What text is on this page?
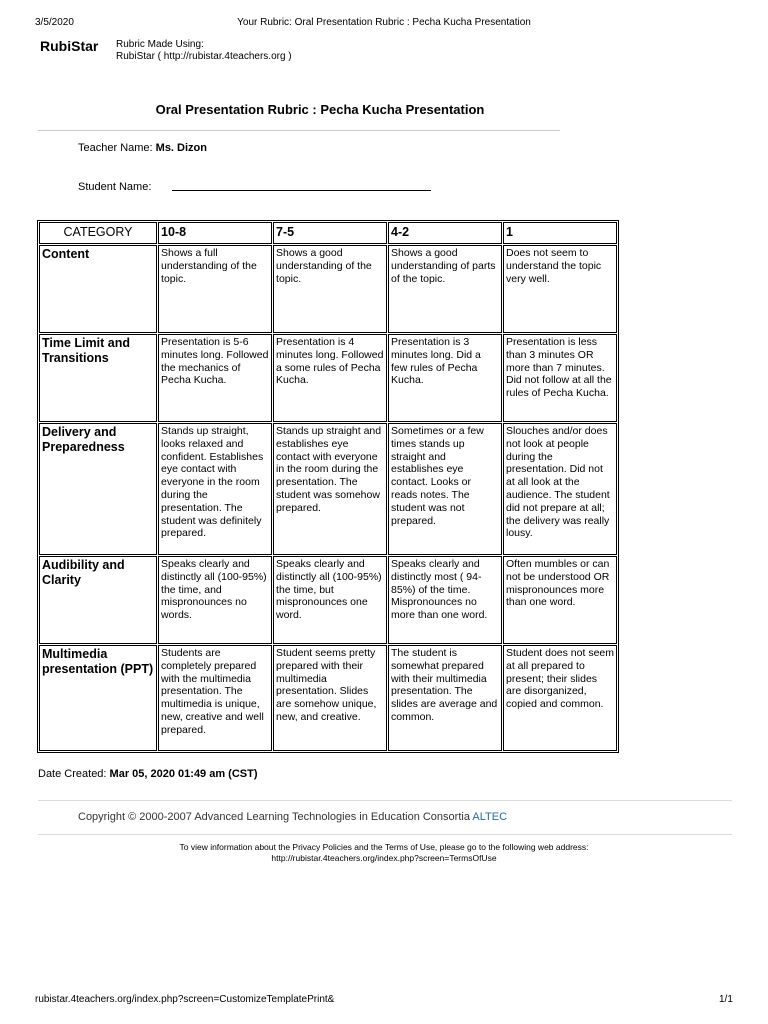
3/5/2020	Your Rubric: Oral Presentation Rubric : Pecha Kucha Presentation
RubiStar Rubric Made Using:
RubiStar ( http://rubistar.4teachers.org )
Oral Presentation Rubric : Pecha Kucha Presentation
Teacher Name: Ms. Dizon
Student Name:
CATEGORY	10-8	7-5	4-2	1
Content	Shows a full understanding of the topic.	Shows a good understanding of the topic.	Shows a good understanding of parts of the topic.	Does not seem to understand the topic very well.
Time Limit and Transitions	Presentation is 5-6 minutes long. Followed the mechanics of Pecha Kucha.	Presentation is 4 minutes long. Followed a some rules of Pecha Kucha.	Presentation is 3 minutes long. Did a few rules of Pecha Kucha.	Presentation is less than 3 minutes OR more than 7 minutes. Did not follow at all the rules of Pecha Kucha.
Delivery and Preparedness	Stands up straight, looks relaxed and confident. Establishes eye contact with everyone in the room during the presentation. The student was definitely prepared.	Stands up straight and establishes eye contact with everyone in the room during the presentation. The student was somehow prepared.	Sometimes or a few times stands up straight and establishes eye contact. Looks or reads notes. The student was not prepared.	Slouches and/or does not look at people during the presentation. Did not at all look at the audience. The student did not prepare at all; the delivery was really lousy.
Audibility and Clarity	Speaks clearly and distinctly all (100-95%) the time, and mispronounces no words.	Speaks clearly and distinctly all (100-95%) the time, but mispronounces one word.	Speaks clearly and distinctly most ( 94-85%) of the time. Mispronounces no more than one word.	Often mumbles or can not be understood OR mispronounces more than one word.
Multimedia presentation (PPT)	Students are completely prepared with the multimedia presentation. The multimedia is unique, new, creative and well prepared.	Student seems pretty prepared with their multimedia presentation. Slides are somehow unique, new, and creative.	The student is somewhat prepared with their multimedia presentation. The slides are average and common.	Student does not seem at all prepared to present; their slides are disorganized, copied and common.
Date Created: Mar 05, 2020 01:49 am (CST)
Copyright © 2000-2007 Advanced Learning Technologies in Education Consortia ALTEC
To view information about the Privacy Policies and the Terms of Use, please go to the following web address:
http://rubistar.4teachers.org/index.php?screen=TermsOfUse
rubistar.4teachers.org/index.php?screen=CustomizeTemplatePrint&	1/1
